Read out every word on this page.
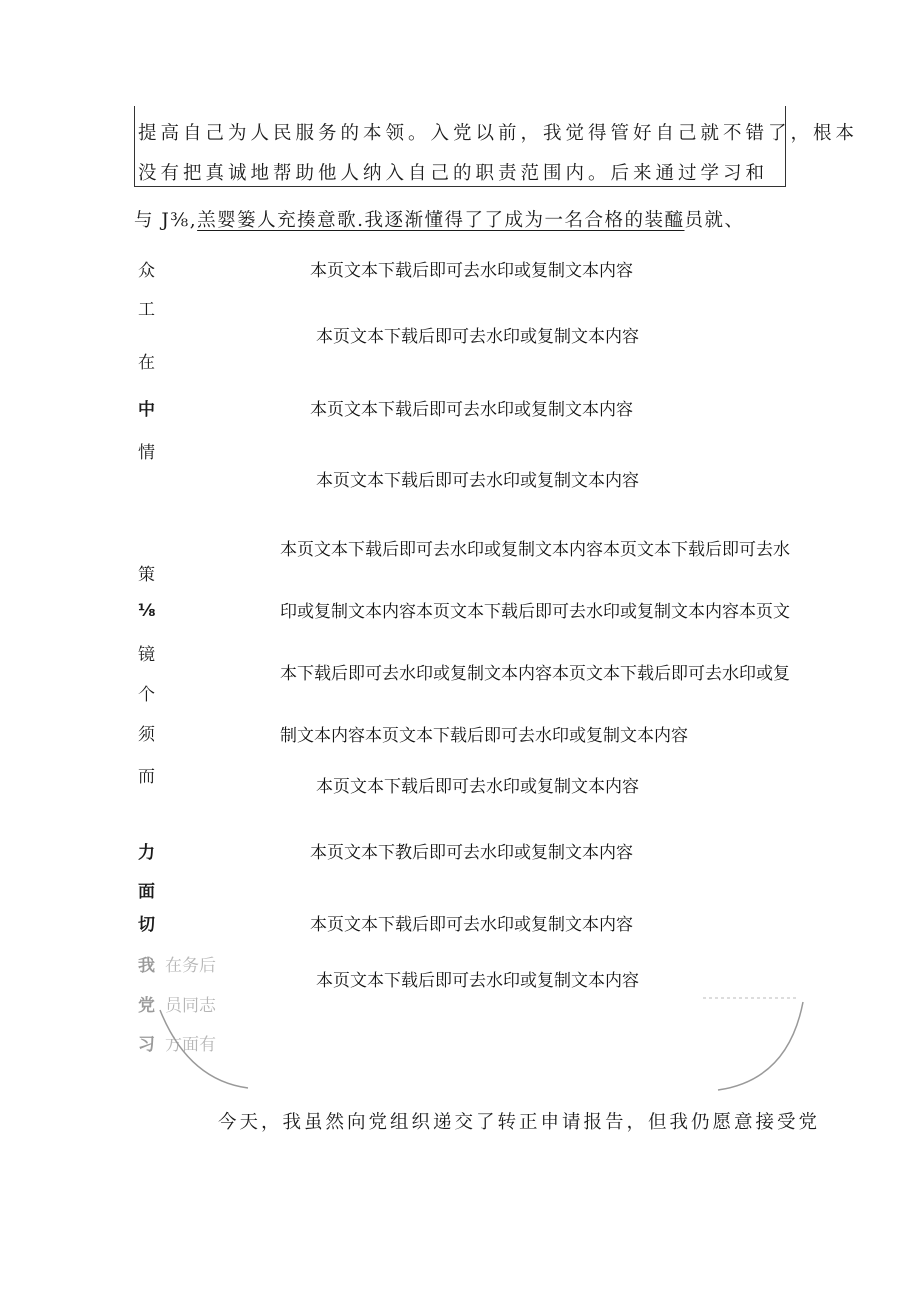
提高自己为人民服务的本领。入党以前，我觉得管好自己就不错了，根本
没有把真诚地帮助他人纳入自己的职责范围内。后来通过学习和
与 J⅜,羔婴篓人充揍意歌.我逐渐懂得了了成为一名合格的装醯员就、
众
工
在
中
情
策
⅛
镜
个
须
而
力
面
切
我
党
习
在务后
员同志
方面有
本页文本下载后即可去水印或复制文本内容
本页文本下载后即可去水印或复制文本内容
本页文本下载后即可去水印或复制文本内容
本页文本下载后即可去水印或复制文本内容
本页文本下载后即可去水印或复制文本内容本页文本下载后即可去水印或复制文本内容本页文本下载后即可去水印或复制文本内容本页文本下载后即可去水印或复制文本内容本页文本下载后即可去水印或复制文本内容本页文本下载后即可去水印或复制文本内容
本页文本下载后即可去水印或复制文本内容
本页文本下教后即可去水印或复制文本内容
本页文本下载后即可去水印或复制文本内容
本页文本下载后即可去水印或复制文本内容
今天，我虽然向党组织递交了转正申请报告，但我仍愿意接受党
